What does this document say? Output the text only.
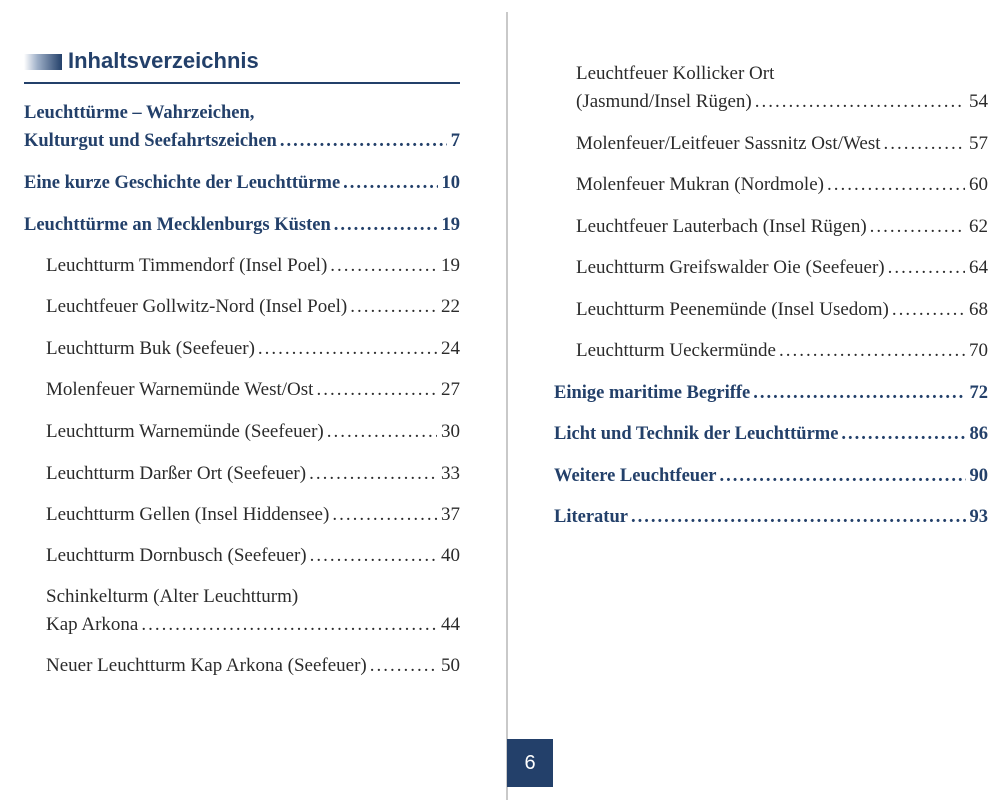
Inhaltsverzeichnis
Leuchttürme – Wahrzeichen,
Kulturgut und Seefahrtszeichen .....	7
Eine kurze Geschichte der Leuchttürme .....	10
Leuchttürme an Mecklenburgs Küsten .....	19
Leuchtturm Timmendorf (Insel Poel) .....	19
Leuchtfeuer Gollwitz-Nord (Insel Poel) .....	22
Leuchtturm Buk (Seefeuer) .....	24
Molenfeuer Warnemünde West/Ost .....	27
Leuchtturm Warnemünde (Seefeuer) .....	30
Leuchtturm Darßer Ort (Seefeuer) .....	33
Leuchtturm Gellen (Insel Hiddensee) .....	37
Leuchtturm Dornbusch (Seefeuer) .....	40
Schinkelturm (Alter Leuchtturm)
Kap Arkona .....	44
Neuer Leuchtturm Kap Arkona (Seefeuer) .....	50
Leuchtfeuer Kollicker Ort
(Jasmund/Insel Rügen) .....	54
Molenfeuer/Leitfeuer Sassnitz Ost/West .....	57
Molenfeuer Mukran (Nordmole) .....	60
Leuchtfeuer Lauterbach (Insel Rügen) .....	62
Leuchtturm Greifswalder Oie (Seefeuer) .....	64
Leuchtturm Peenemünde (Insel Usedom) .....	68
Leuchtturm Ueckermünde .....	70
Einige maritime Begriffe .....	72
Licht und Technik der Leuchttürme .....	86
Weitere Leuchtfeuer .....	90
Literatur .....	93
6
